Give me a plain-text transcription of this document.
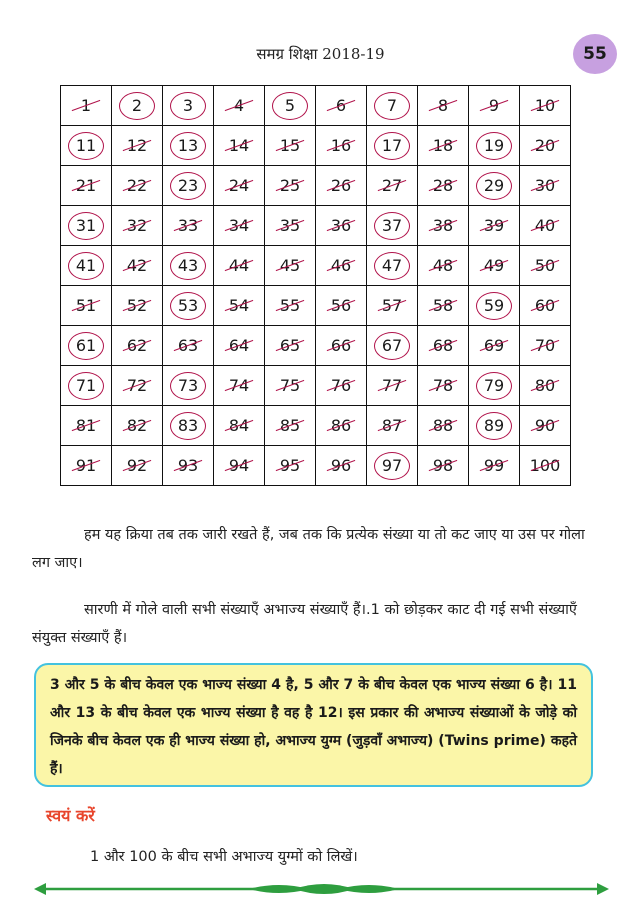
समग्र शिक्षा 2018-19	55
1	2	3	4	5	6	7	8	9	10
11	12	13	14	15	16	17	18	19	20
21	22	23	24	25	26	27	28	29	30
31	32	33	34	35	36	37	38	39	40
41	42	43	44	45	46	47	48	49	50
51	52	53	54	55	56	57	58	59	60
61	62	63	64	65	66	67	68	69	70
71	72	73	74	75	76	77	78	79	80
81	82	83	84	85	86	87	88	89	90
91	92	93	94	95	96	97	98	99	100
हम यह क्रिया तब तक जारी रखते हैं, जब तक कि प्रत्येक संख्या या तो कट जाए या उस पर गोला लग जाए।
सारणी में गोले वाली सभी संख्याएँ अभाज्य संख्याएँ हैं।.1 को छोड़कर काट दी गई सभी संख्याएँ संयुक्त संख्याएँ हैं।
3 और 5 के बीच केवल एक भाज्य संख्या 4 है, 5 और 7 के बीच केवल एक भाज्य संख्या 6 है। 11 और 13 के बीच केवल एक भाज्य संख्या है वह है 12। इस प्रकार की अभाज्य संख्याओं के जोड़े को जिनके बीच केवल एक ही भाज्य संख्या हो, अभाज्य युग्म (जुड़वाँ अभाज्य) (Twins prime) कहते हैं।
स्वयं करें
1 और 100 के बीच सभी अभाज्य युग्मों को लिखें।
